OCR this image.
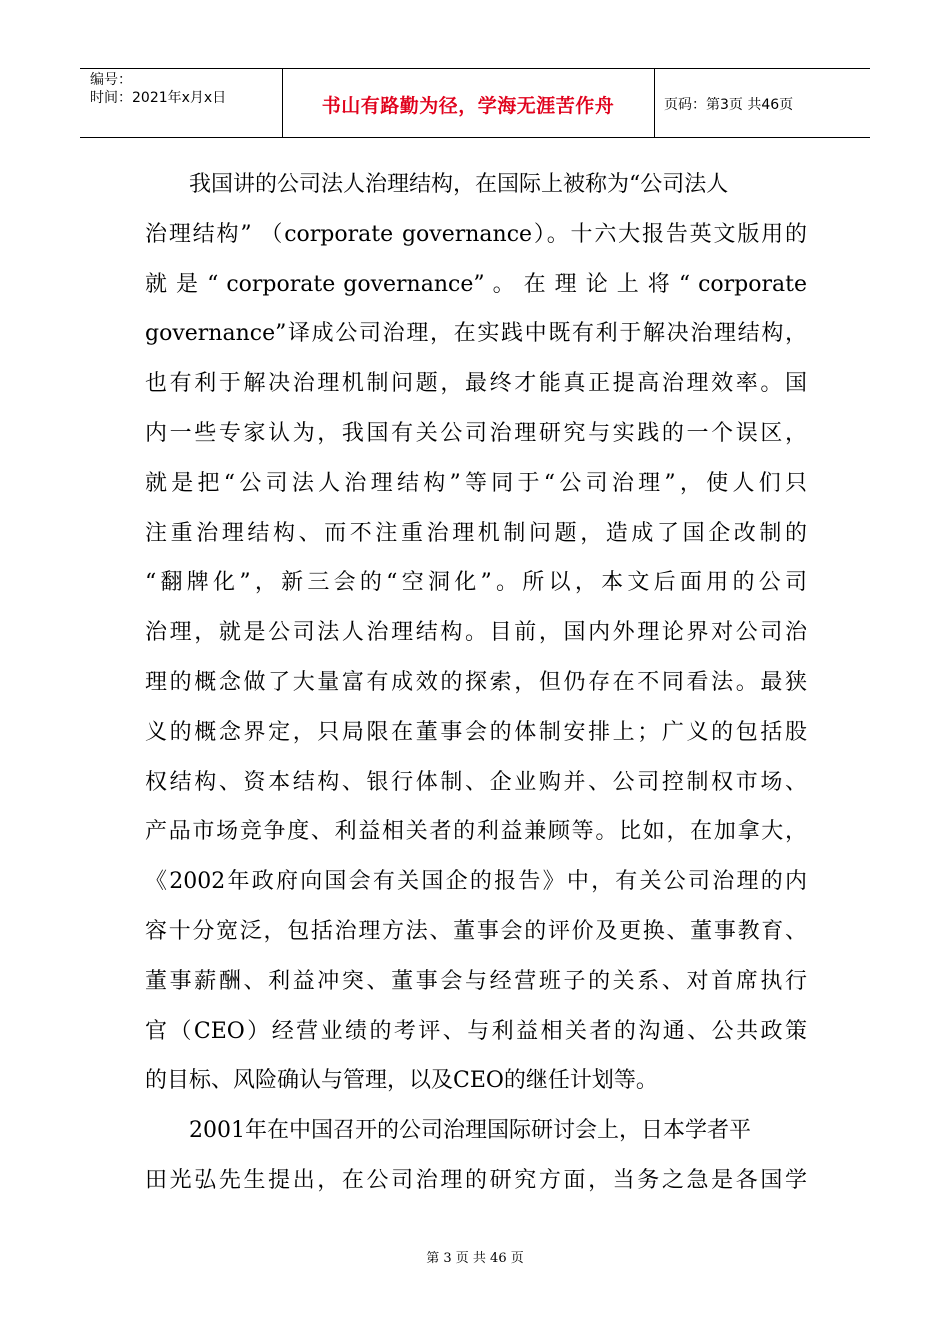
编号：
时间：2021年x月x日	书山有路勤为径，学海无涯苦作舟	页码：第3页 共46页
我国讲的公司法人治理结构，在国际上被称为“公司法人
治理结构” （corporate governance）。十六大报告英文版用的
就 是 “ corporate governance” 。 在 理 论 上 将 “ corporate
governance”译成公司治理，在实践中既有利于解决治理结构，
也有利于解决治理机制问题，最终才能真正提高治理效率。国
内一些专家认为，我国有关公司治理研究与实践的一个误区，
就是把“公司法人治理结构”等同于“公司治理”，使人们只
注重治理结构、而不注重治理机制问题，造成了国企改制的
“翻牌化”，新三会的“空洞化”。所以，本文后面用的公司
治理，就是公司法人治理结构。目前，国内外理论界对公司治
理的概念做了大量富有成效的探索，但仍存在不同看法。最狭
义的概念界定，只局限在董事会的体制安排上；广义的包括股
权结构、资本结构、银行体制、企业购并、公司控制权市场、
产品市场竞争度、利益相关者的利益兼顾等。比如，在加拿大，
《2002年政府向国会有关国企的报告》中，有关公司治理的内
容十分宽泛，包括治理方法、董事会的评价及更换、董事教育、
董事薪酬、利益冲突、董事会与经营班子的关系、对首席执行
官（CEO）经营业绩的考评、与利益相关者的沟通、公共政策
的目标、风险确认与管理，以及CEO的继任计划等。
2001年在中国召开的公司治理国际研讨会上，日本学者平
田光弘先生提出，在公司治理的研究方面，当务之急是各国学
第 3 页 共 46 页
